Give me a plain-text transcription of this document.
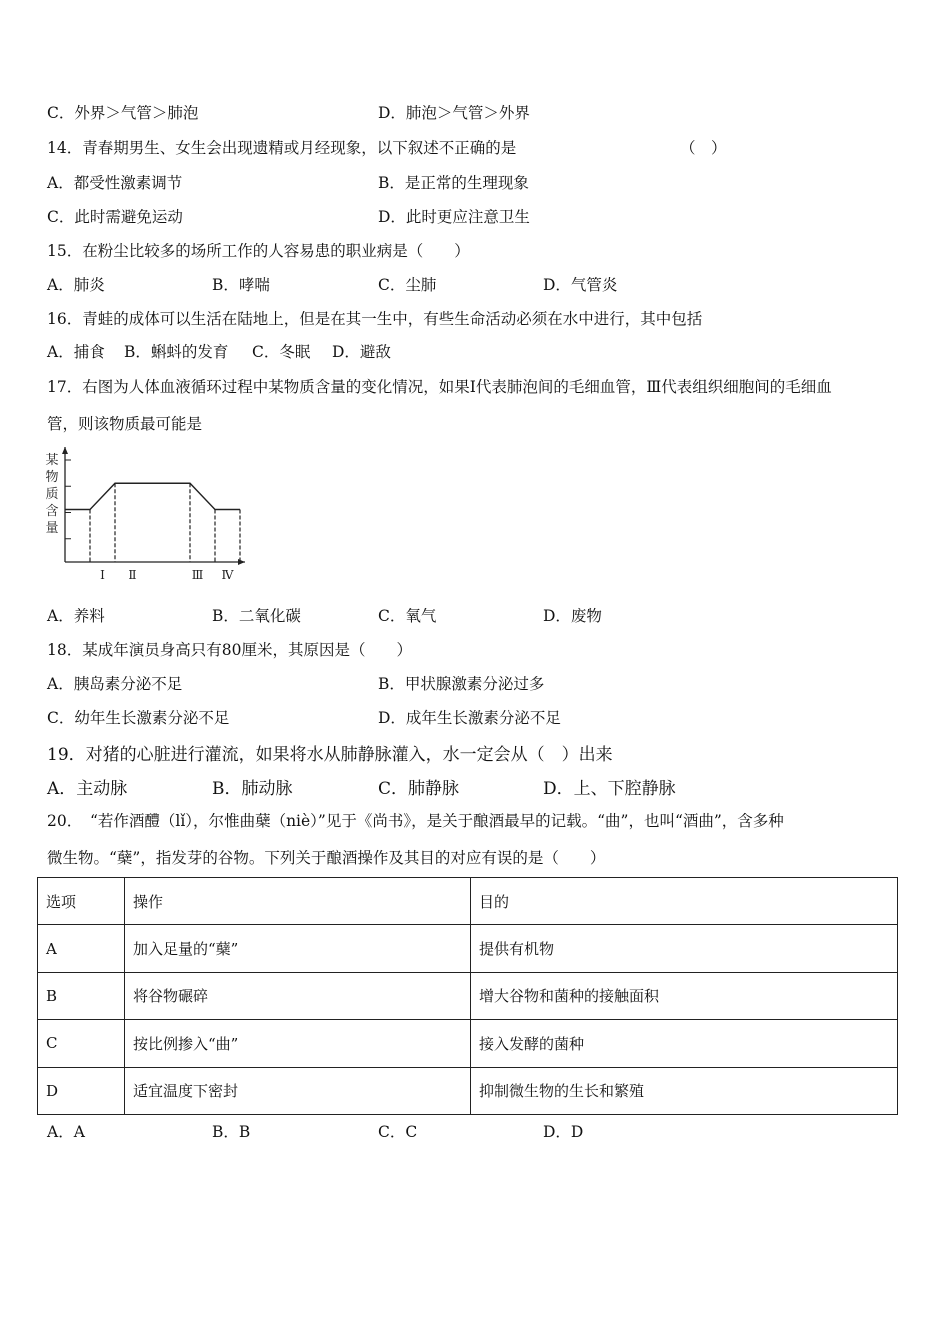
C．外界＞气管＞肺泡	D．肺泡＞气管＞外界
14．青春期男生、女生会出现遗精或月经现象，以下叙述不正确的是	（　）
A．都受性激素调节	B．是正常的生理现象
C．此时需避免运动	D．此时更应注意卫生
15．在粉尘比较多的场所工作的人容易患的职业病是（　　）
A．肺炎	B．哮喘	C．尘肺	D．气管炎
16．青蛙的成体可以生活在陆地上，但是在其一生中，有些生命活动必须在水中进行，其中包括
A．捕食 B．蝌蚪的发育 C．冬眠 D．避敌
17．右图为人体血液循环过程中某物质含量的变化情况，如果Ⅰ代表肺泡间的毛细血管，Ⅲ代表组织细胞间的毛细血
管，则该物质最可能是
某
物
质
含
量
Ⅰ Ⅱ	Ⅲ Ⅳ
A．养料	B．二氧化碳	C．氧气	D．废物
18．某成年演员身高只有80厘米，其原因是（　　）
A．胰岛素分泌不足	B．甲状腺激素分泌过多
C．幼年生长激素分泌不足	D．成年生长激素分泌不足
19．对猪的心脏进行灌流，如果将水从肺静脉灌入，水一定会从（　）出来
A．主动脉	B．肺动脉	C．肺静脉	D．上、下腔静脉
20．　“若作酒醴（lǐ），尔惟曲蘖（niè）”见于《尚书》，是关于酿酒最早的记载。“曲”，也叫“酒曲”，含多种
微生物。“蘖”，指发芽的谷物。下列关于酿酒操作及其目的对应有误的是（　　）
选项	操作	目的
A	加入足量的“蘖”	提供有机物
B	将谷物碾碎	增大谷物和菌种的接触面积
C	按比例掺入“曲”	接入发酵的菌种
D	适宜温度下密封	抑制微生物的生长和繁殖
A．A	B．B	C．C	D．D
